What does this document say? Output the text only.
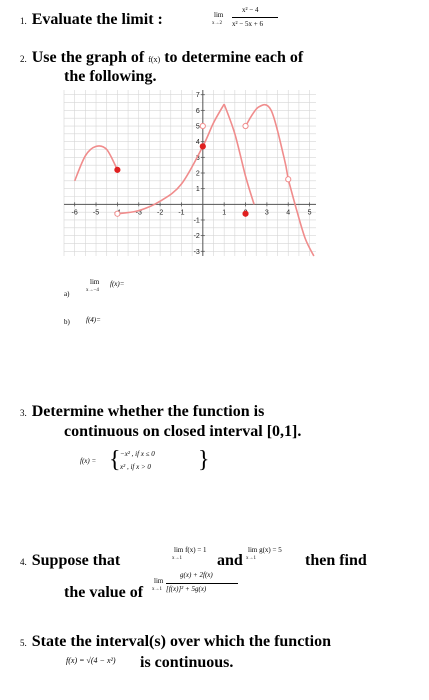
1. Evaluate the limit :	lim
x→2
x² − 4
x² − 5x + 6
2. Use the graph of f(x) to determine each of
the following.
-6 -5	-3 -2 -1	1	3 4 5
7
6
5
4
3
2
1
-1
-2
-3
a)
lim
x→−4
f(x)=
b) f(4)=
3. Determine whether the function is
continuous on closed interval [0,1].
f(x) = { −x² , if x ≤ 0
x² , if x > 0 }
4. Suppose that
lim f(x) = 1
x→1 and
lim g(x) = 5
x→1	then find
the value of
lim
x→1
g(x) + 2f(x)
[f(x)]² + 5g(x)
5. State the interval(s) over which the function
f(x) = √(4 − x²) is continuous.
